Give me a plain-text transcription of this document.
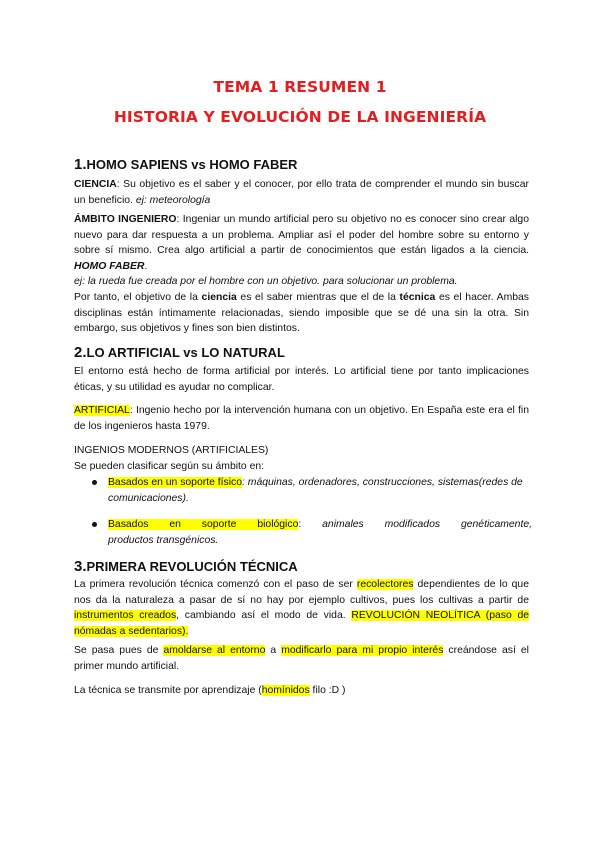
TEMA 1 RESUMEN 1
HISTORIA Y EVOLUCIÓN DE LA INGENIERÍA
1.HOMO SAPIENS vs HOMO FABER
CIENCIA: Su objetivo es el saber y el conocer, por ello trata de comprender el mundo sin buscar un beneficio. ej: meteorología
ÁMBITO INGENIERO: Ingeniar un mundo artificial pero su objetivo no es conocer sino crear algo nuevo para dar respuesta a un problema. Ampliar así el poder del hombre sobre su entorno y sobre sí mismo. Crea algo artificial a partir de conocimientos que están ligados a la ciencia. HOMO FABER.
ej: la rueda fue creada por el hombre con un objetivo. para solucionar un problema.
Por tanto, el objetivo de la ciencia es el saber mientras que el de la técnica es el hacer. Ambas disciplinas están íntimamente relacionadas, siendo imposible que se dé una sin la otra. Sin embargo, sus objetivos y fines son bien distintos.
2.LO ARTIFICIAL vs LO NATURAL
El entorno está hecho de forma artificial por interés. Lo artificial tiene por tanto implicaciones éticas, y su utilidad es ayudar no complicar.
ARTIFICIAL: Ingenio hecho por la intervención humana con un objetivo. En España este era el fin de los ingenieros hasta 1979.
INGENIOS MODERNOS (ARTIFICIALES)
Se pueden clasificar según su ámbito en:
Basados en un soporte físico: máquinas, ordenadores, construcciones, sistemas(redes de comunicaciones).
Basados en soporte biológico: animales modificados genéticamente,
productos transgénicos.
3.PRIMERA REVOLUCIÓN TÉCNICA
La primera revolución técnica comenzó con el paso de ser recolectores dependientes de lo que nos da la naturaleza a pasar de sí no hay por ejemplo cultivos, pues los cultivas a partir de instrumentos creados, cambiando así el modo de vida. REVOLUCIÓN NEOLÍTICA (paso de nómadas a sedentarios).
Se pasa pues de amoldarse al entorno a modificarlo para mi propio interés creándose así el primer mundo artificial.
La técnica se transmite por aprendizaje (homínidos filo :D )
